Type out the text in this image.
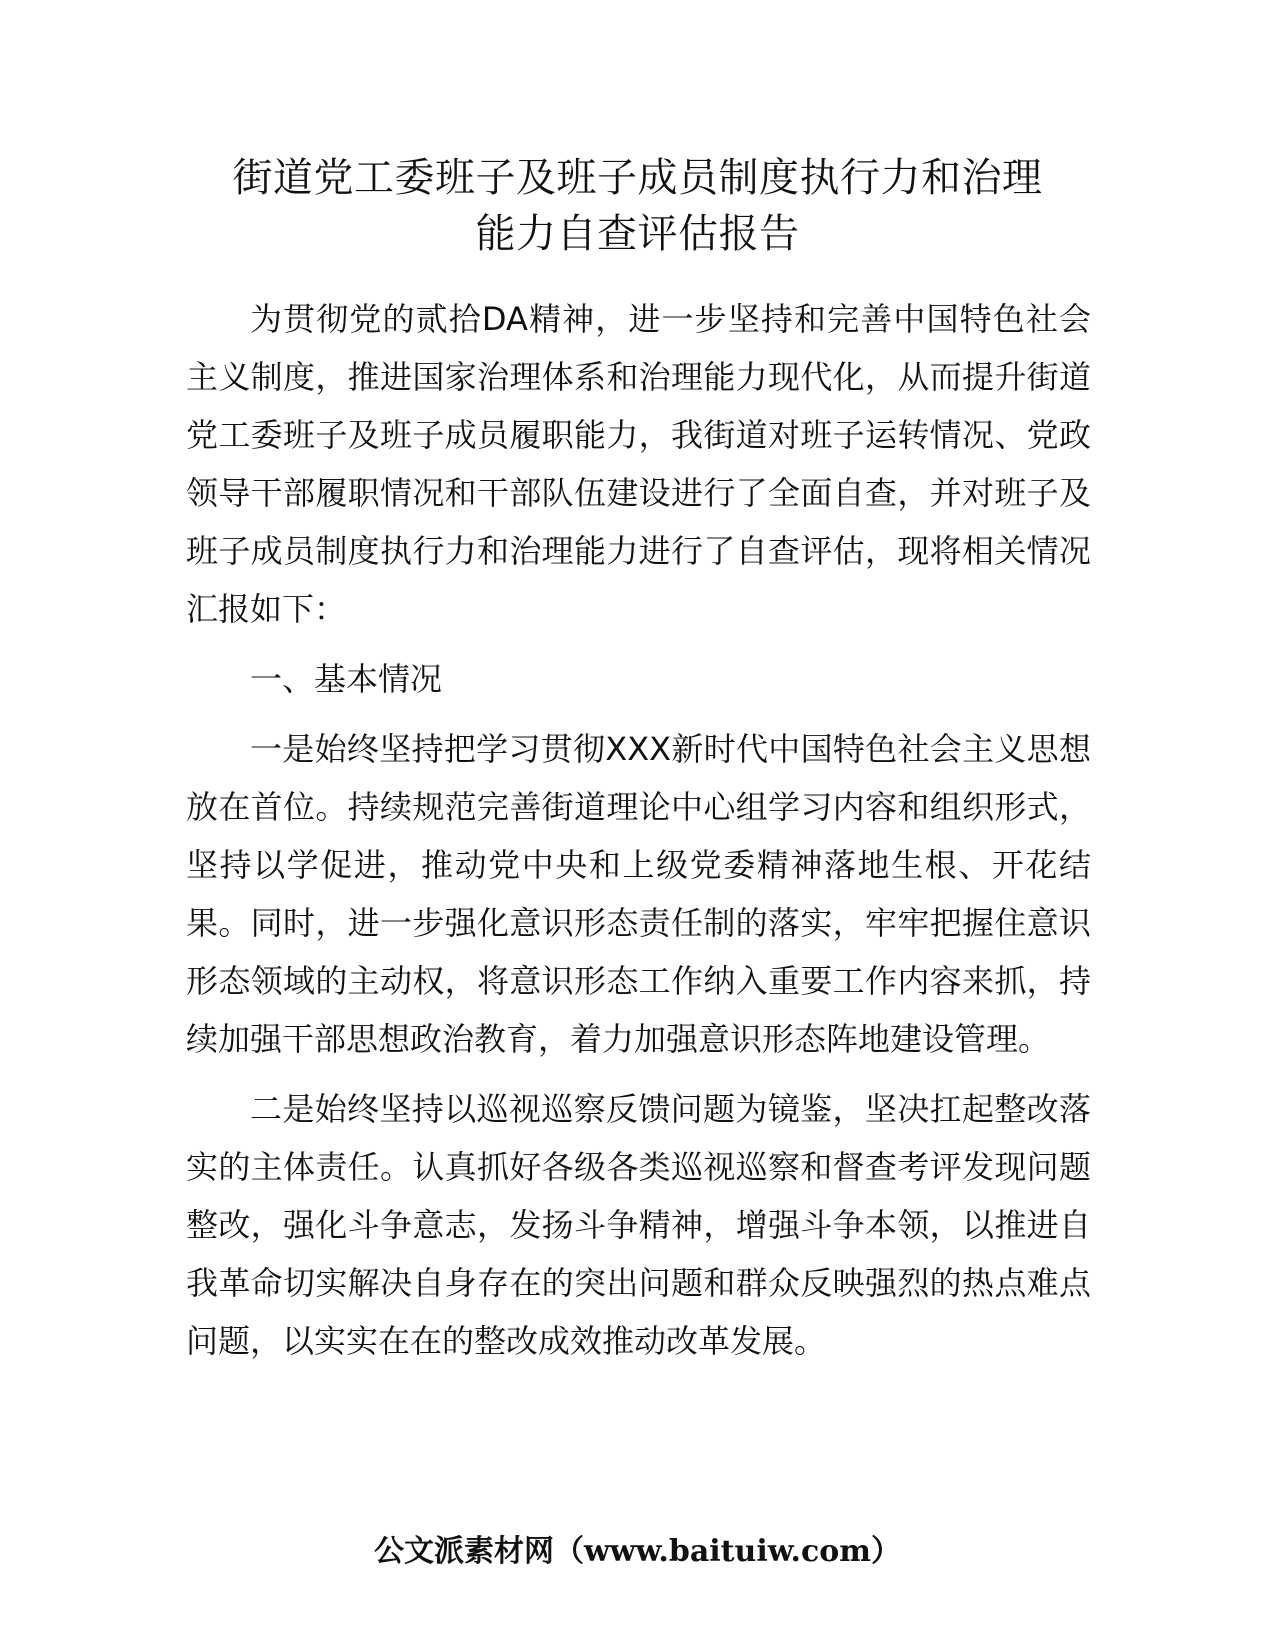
街道党工委班子及班子成员制度执行力和治理
能力自查评估报告

为贯彻党的贰拾DA精神，进一步坚持和完善中国特色社会主义制度，推进国家治理体系和治理能力现代化，从而提升街道党工委班子及班子成员履职能力，我街道对班子运转情况、党政领导干部履职情况和干部队伍建设进行了全面自查，并对班子及班子成员制度执行力和治理能力进行了自查评估，现将相关情况汇报如下：

一、基本情况

一是始终坚持把学习贯彻XXX新时代中国特色社会主义思想放在首位。持续规范完善街道理论中心组学习内容和组织形式，坚持以学促进，推动党中央和上级党委精神落地生根、开花结果。同时，进一步强化意识形态责任制的落实，牢牢把握住意识形态领域的主动权，将意识形态工作纳入重要工作内容来抓，持续加强干部思想政治教育，着力加强意识形态阵地建设管理。

二是始终坚持以巡视巡察反馈问题为镜鉴，坚决扛起整改落实的主体责任。认真抓好各级各类巡视巡察和督查考评发现问题整改，强化斗争意志，发扬斗争精神，增强斗争本领，以推进自我革命切实解决自身存在的突出问题和群众反映强烈的热点难点问题，以实实在在的整改成效推动改革发展。

公文派素材网（www.baituiw.com）
